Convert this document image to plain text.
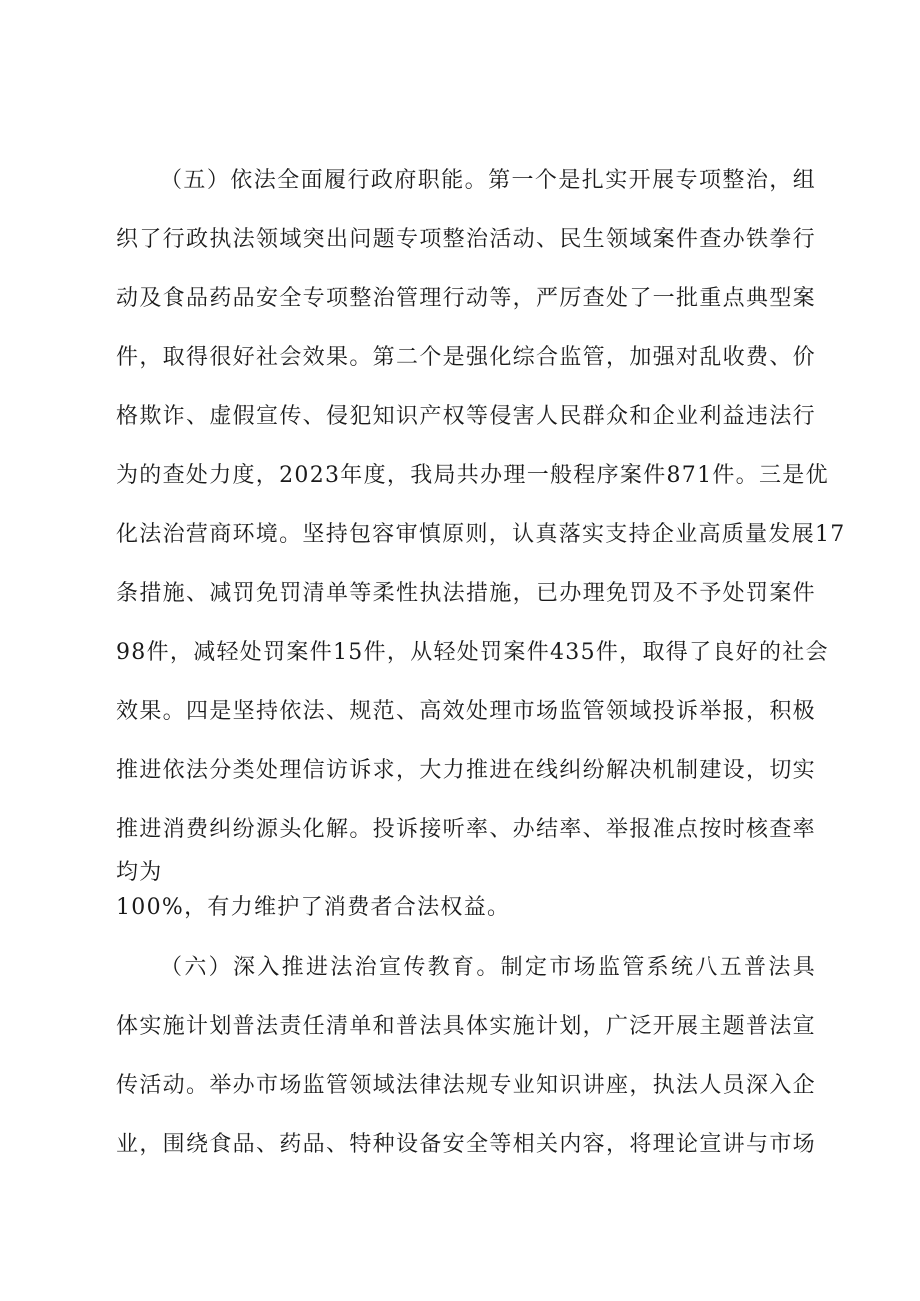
（五）依法全面履行政府职能。第一个是扎实开展专项整治，组

织了行政执法领域突出问题专项整治活动、民生领域案件查办铁拳行

动及食品药品安全专项整治管理行动等，严厉查处了一批重点典型案

件，取得很好社会效果。第二个是强化综合监管，加强对乱收费、价

格欺诈、虚假宣传、侵犯知识产权等侵害人民群众和企业利益违法行

为的查处力度，2023年度，我局共办理一般程序案件871件。三是优

化法治营商环境。坚持包容审慎原则，认真落实支持企业高质量发展17

条措施、减罚免罚清单等柔性执法措施，已办理免罚及不予处罚案件

98件，减轻处罚案件15件，从轻处罚案件435件，取得了良好的社会

效果。四是坚持依法、规范、高效处理市场监管领域投诉举报，积极

推进依法分类处理信访诉求，大力推进在线纠纷解决机制建设，切实

推进消费纠纷源头化解。投诉接听率、办结率、举报准点按时核查率

均为

100%，有力维护了消费者合法权益。

（六）深入推进法治宣传教育。制定市场监管系统八五普法具

体实施计划普法责任清单和普法具体实施计划，广泛开展主题普法宣

传活动。举办市场监管领域法律法规专业知识讲座，执法人员深入企

业，围绕食品、药品、特种设备安全等相关内容，将理论宣讲与市场
